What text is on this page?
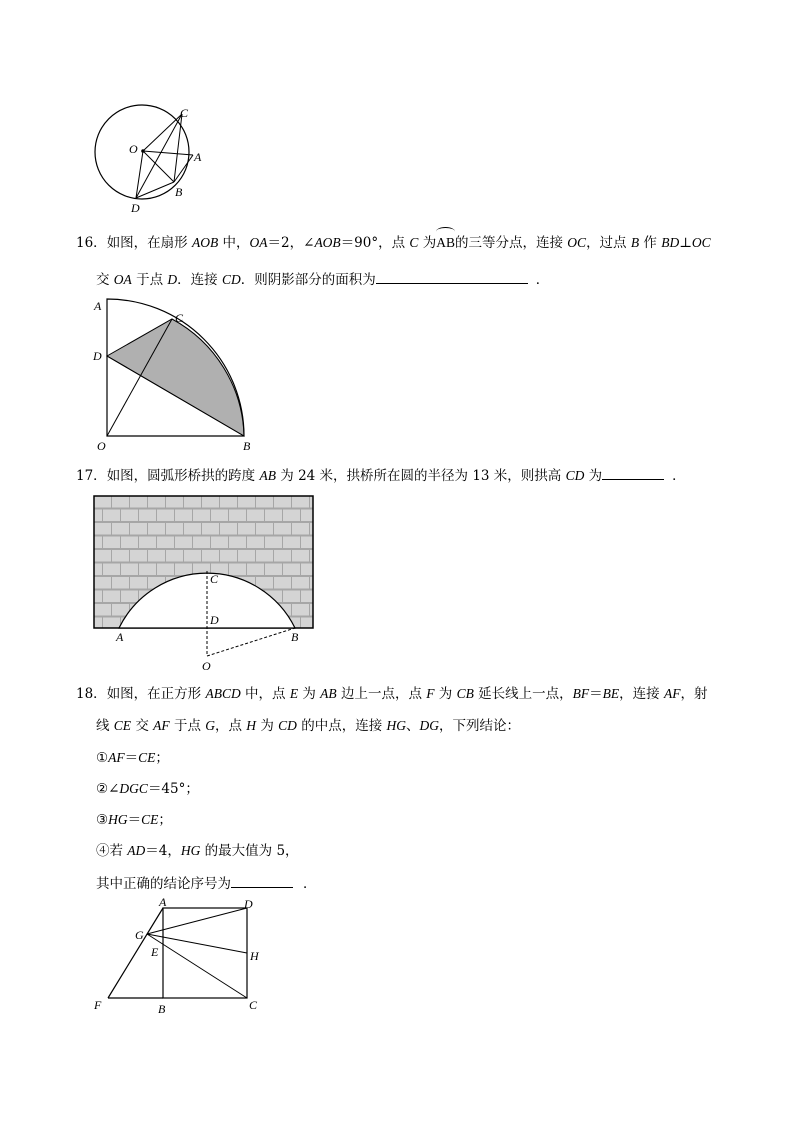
C
O
A
B
D
16．如图，在扇形 AOB 中，OA＝2，∠AOB＝90°，点 C 为AB的三等分点，连接 OC，过点 B 作 BD⊥OC
交 OA 于点 D．连接 CD．则阴影部分的面积为	．
A
C
D
O	B
17．如图，圆弧形桥拱的跨度 AB 为 24 米，拱桥所在圆的半径为 13 米，则拱高 CD 为	．
C
D
A	B
O
18．如图，在正方形 ABCD 中，点 E 为 AB 边上一点，点 F 为 CB 延长线上一点，BF＝BE，连接 AF，射
线 CE 交 AF 于点 G，点 H 为 CD 的中点，连接 HG、DG，下列结论：
①AF＝CE；
②∠DGC＝45°；
③HG＝CE；
④若 AD＝4，HG 的最大值为 5，
其中正确的结论序号为	．
A	D
G
E	H
F	B	C
